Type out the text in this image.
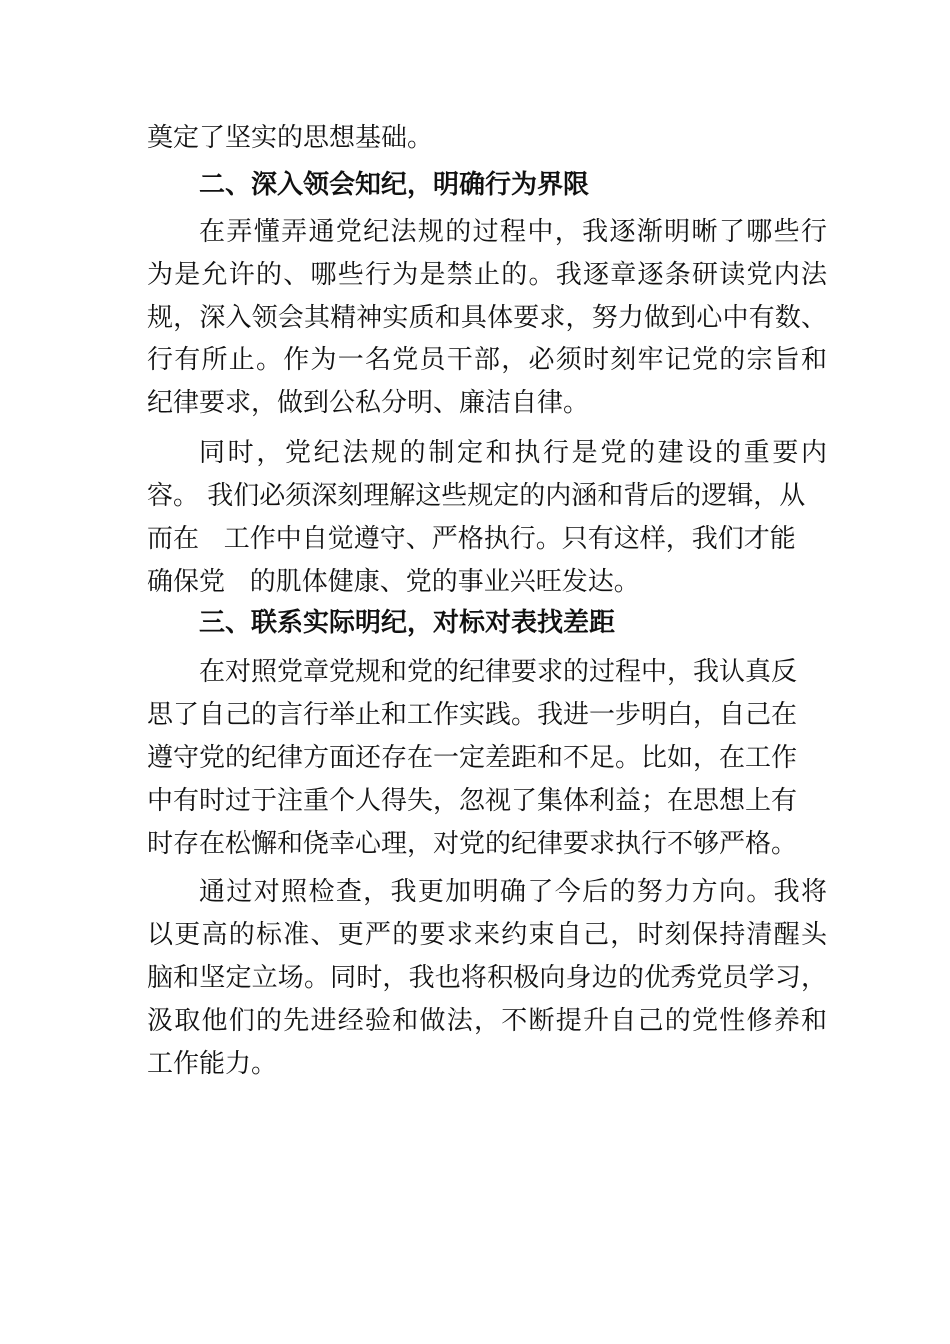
奠定了坚实的思想基础。
二、深入领会知纪，明确行为界限
在弄懂弄通党纪法规的过程中，我逐渐明晰了哪些行
为是允许的、哪些行为是禁止的。我逐章逐条研读党内法
规，深入领会其精神实质和具体要求，努力做到心中有数、
行有所止。作为一名党员干部，必须时刻牢记党的宗旨和
纪律要求，做到公私分明、廉洁自律。
同时，党纪法规的制定和执行是党的建设的重要内
容。 我们必须深刻理解这些规定的内涵和背后的逻辑，从
而在   工作中自觉遵守、严格执行。只有这样，我们才能
确保党   的肌体健康、党的事业兴旺发达。
三、联系实际明纪，对标对表找差距
在对照党章党规和党的纪律要求的过程中，我认真反
思了自己的言行举止和工作实践。我进一步明白，自己在
遵守党的纪律方面还存在一定差距和不足。比如，在工作
中有时过于注重个人得失，忽视了集体利益；在思想上有
时存在松懈和侥幸心理，对党的纪律要求执行不够严格。
通过对照检查，我更加明确了今后的努力方向。我将
以更高的标准、更严的要求来约束自己，时刻保持清醒头
脑和坚定立场。同时，我也将积极向身边的优秀党员学习，
汲取他们的先进经验和做法，不断提升自己的党性修养和
工作能力。
